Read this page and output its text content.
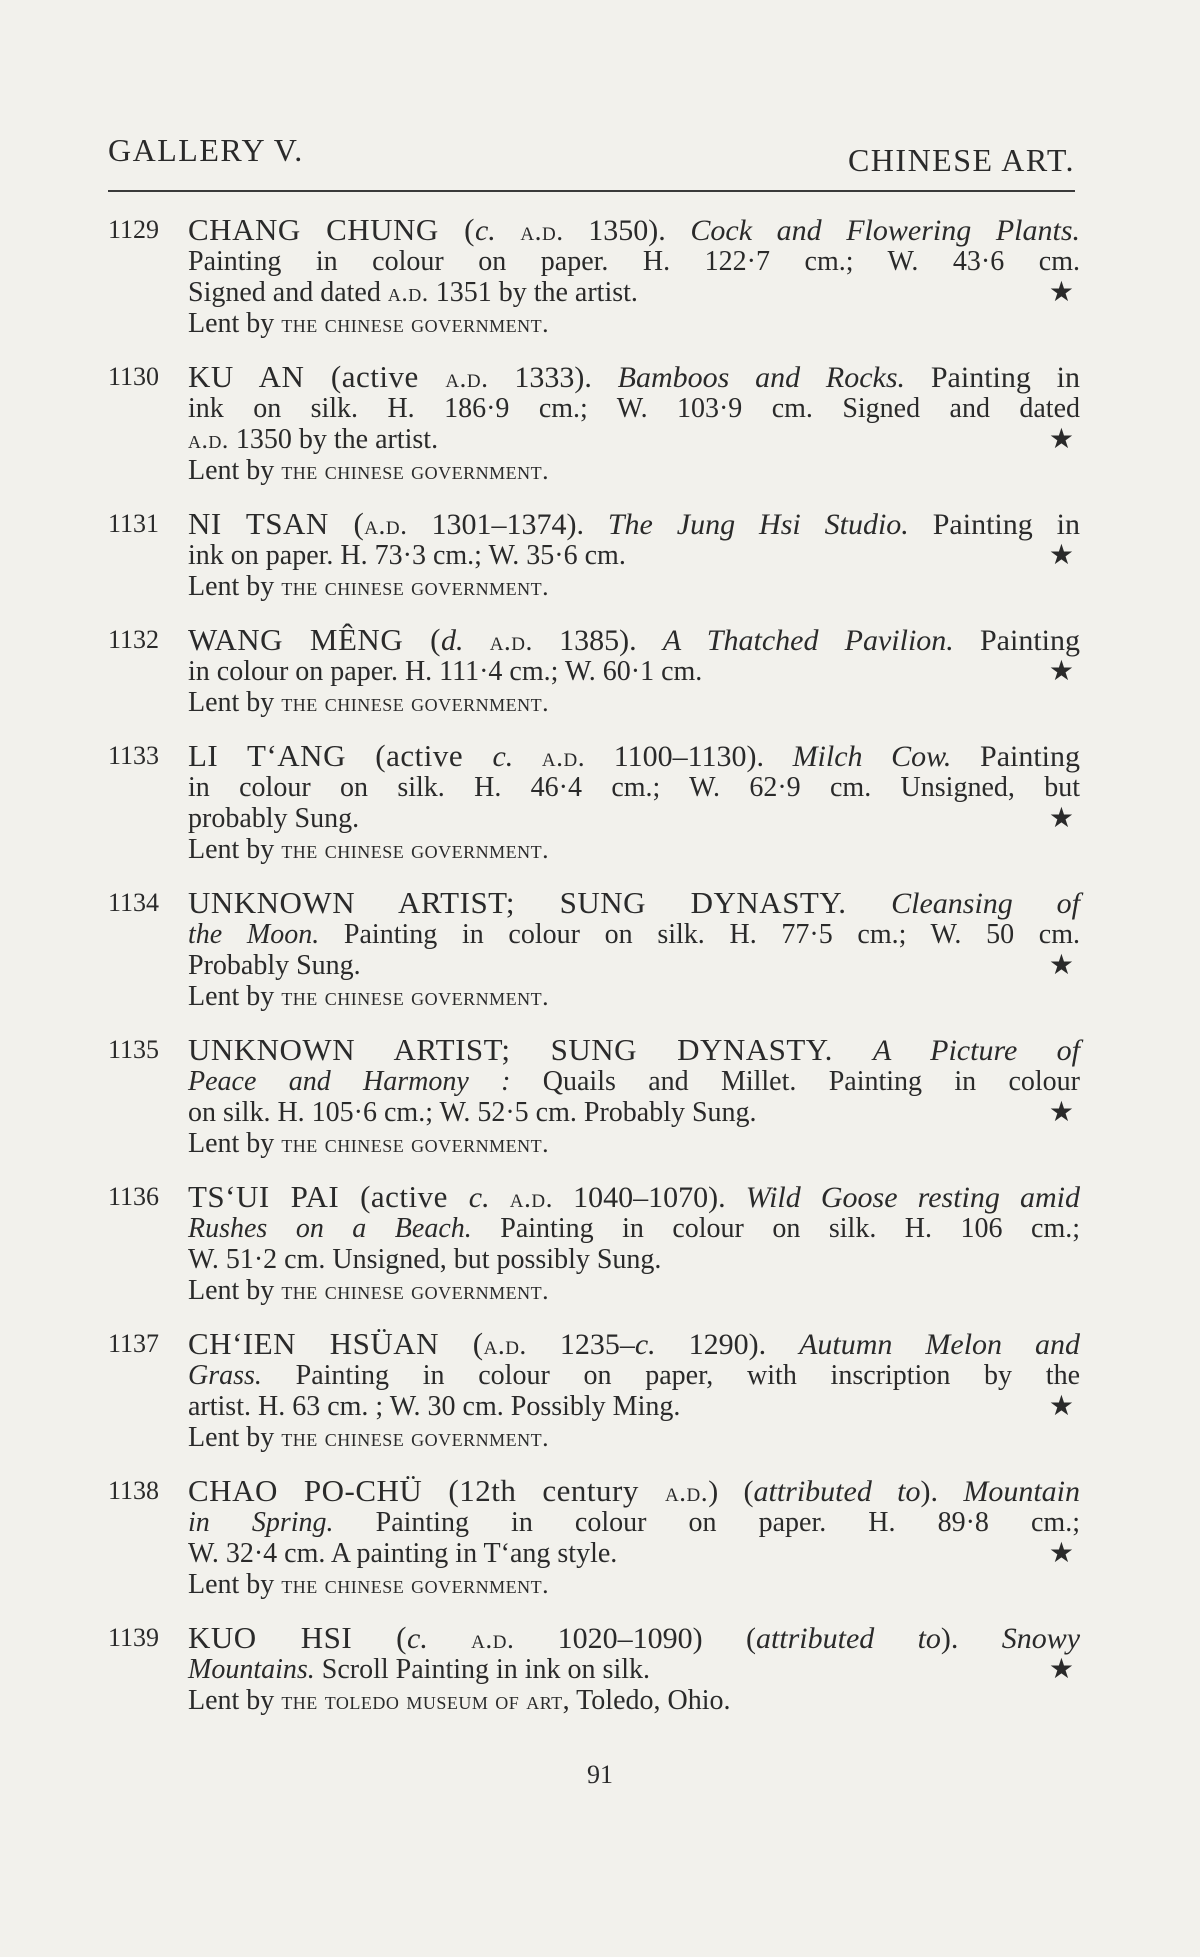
GALLERY V.	CHINESE ART.
1129 CHANG CHUNG (c. a.d. 1350). Cock and Flowering Plants.
Painting in colour on paper. H. 122·7 cm.; W. 43·6 cm.
★
Signed and dated a.d. 1351 by the artist.
Lent by the chinese government.
1130 KU AN (active a.d. 1333). Bamboos and Rocks. Painting in
ink on silk. H. 186·9 cm.; W. 103·9 cm. Signed and dated
★
a.d. 1350 by the artist.
Lent by the chinese government.
1131 NI TSAN (a.d. 1301–1374). The Jung Hsi Studio. Painting in
★
ink on paper. H. 73·3 cm.; W. 35·6 cm.
Lent by the chinese government.
1132 WANG MÊNG (d. a.d. 1385). A Thatched Pavilion. Painting
★
in colour on paper. H. 111·4 cm.; W. 60·1 cm.
Lent by the chinese government.
1133 LI T‘ANG (active c. a.d. 1100–1130). Milch Cow. Painting
in colour on silk. H. 46·4 cm.; W. 62·9 cm. Unsigned, but
★
probably Sung.
Lent by the chinese government.
1134 UNKNOWN ARTIST; SUNG DYNASTY. Cleansing of
the Moon. Painting in colour on silk. H. 77·5 cm.; W. 50 cm.
★
Probably Sung.
Lent by the chinese government.
1135 UNKNOWN ARTIST; SUNG DYNASTY. A Picture of
Peace and Harmony : Quails and Millet. Painting in colour
★
on silk. H. 105·6 cm.; W. 52·5 cm. Probably Sung.
Lent by the chinese government.
1136 TS‘UI PAI (active c. a.d. 1040–1070). Wild Goose resting amid
Rushes on a Beach. Painting in colour on silk. H. 106 cm.;
W. 51·2 cm. Unsigned, but possibly Sung.
Lent by the chinese government.
1137 CH‘IEN HSÜAN (a.d. 1235–c. 1290). Autumn Melon and
Grass. Painting in colour on paper, with inscription by the
★
artist. H. 63 cm. ; W. 30 cm. Possibly Ming.
Lent by the chinese government.
1138 CHAO PO-CHÜ (12th century a.d.) (attributed to). Mountain
in Spring. Painting in colour on paper. H. 89·8 cm.;
★
W. 32·4 cm. A painting in T‘ang style.
Lent by the chinese government.
1139 KUO HSI (c. a.d. 1020–1090) (attributed to). Snowy
★
Mountains. Scroll Painting in ink on silk.
Lent by the toledo museum of art, Toledo, Ohio.
91
